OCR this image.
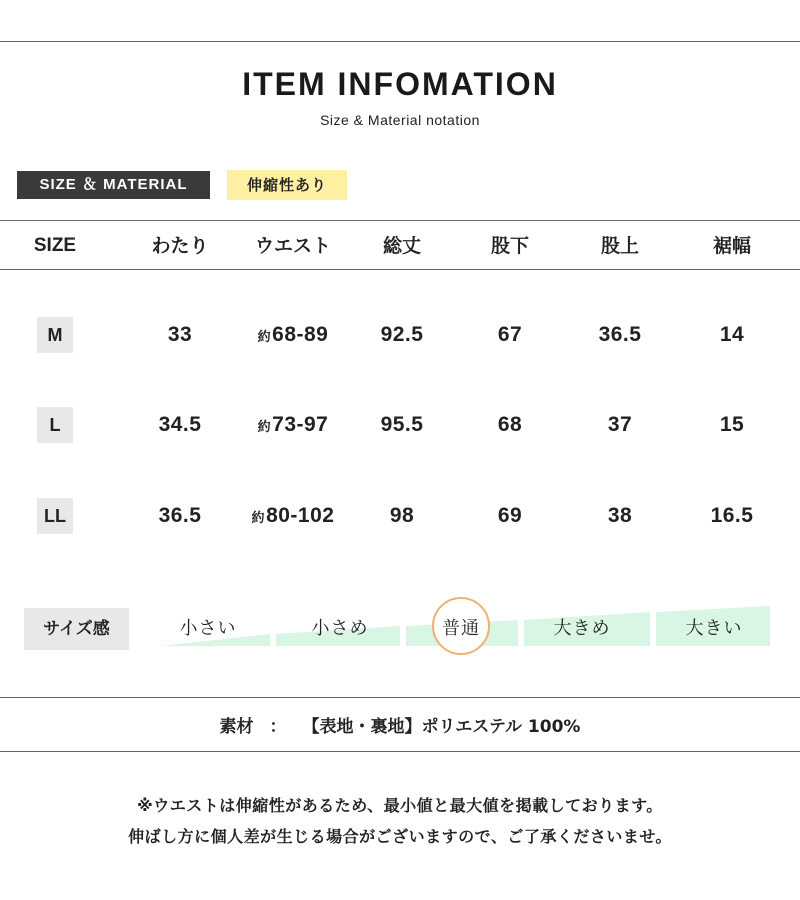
ITEM INFOMATION
Size & Material notation
SIZE ＆ MATERIAL	伸縮性あり
SIZE	わたり	ウエスト	総丈	股下	股上	裾幅
M	33	約68-89	92.5	67	36.5	14
L	34.5	約73-97	95.5	68	37	15
LL	36.5	約80-102	98	69	38	16.5
サイズ感	小さい	小さめ	普通	大きめ	大きい
素材 ： 【表地・裏地】ポリエステル 100%
※ウエストは伸縮性があるため、最小値と最大値を掲載しております。
伸ばし方に個人差が生じる場合がございますので、ご了承くださいませ。
